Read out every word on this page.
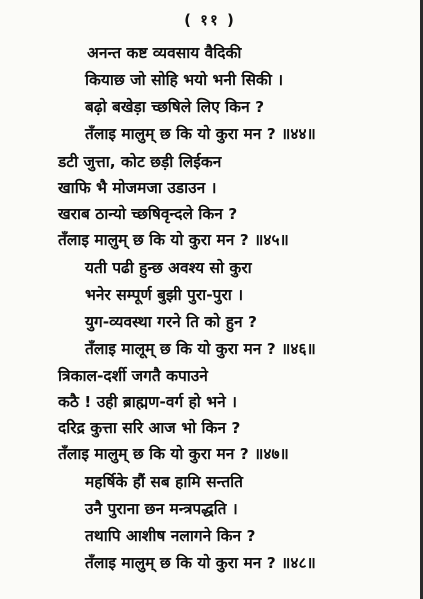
( ११ )
अनन्त कष्ट व्यवसाय वैदिकी
कियाछ जो सोहि भयो भनी सिकी ।
बढ़ो बखेड़ा च्छषिले लिए किन ?
तँलाइ मालुम् छ कि यो कुरा मन ? ॥४४॥
डटी जुत्ता, कोट छड़ी लिईकन
खाफि भै मोजमजा उडाउन ।
खराब ठान्यो च्छषिवृन्दले किन ?
तँलाइ मालुम् छ कि यो कुरा मन ? ॥४५॥
यती पढी हुन्छ अवश्य सो कुरा
भनेर सम्पूर्ण बुझी पुरा-पुरा ।
युग-व्यवस्था गरने ति को हुन ?
तँलाइ मालूम् छ कि यो कुरा मन ? ॥४६॥
त्रिकाल-दर्शी जगतै कपाउने
कठै ! उही ब्राह्मण-वर्ग हो भने ।
दरिद्र कुत्ता सरि आज भो किन ?
तँलाइ मालुम् छ कि यो कुरा मन ? ॥४७॥
महर्षिके हौं सब हामि सन्तति
उनै पुराना छन मन्त्रपद्धति ।
तथापि आशीष नलागने किन ?
तँलाइ मालुम् छ कि यो कुरा मन ? ॥४८॥
